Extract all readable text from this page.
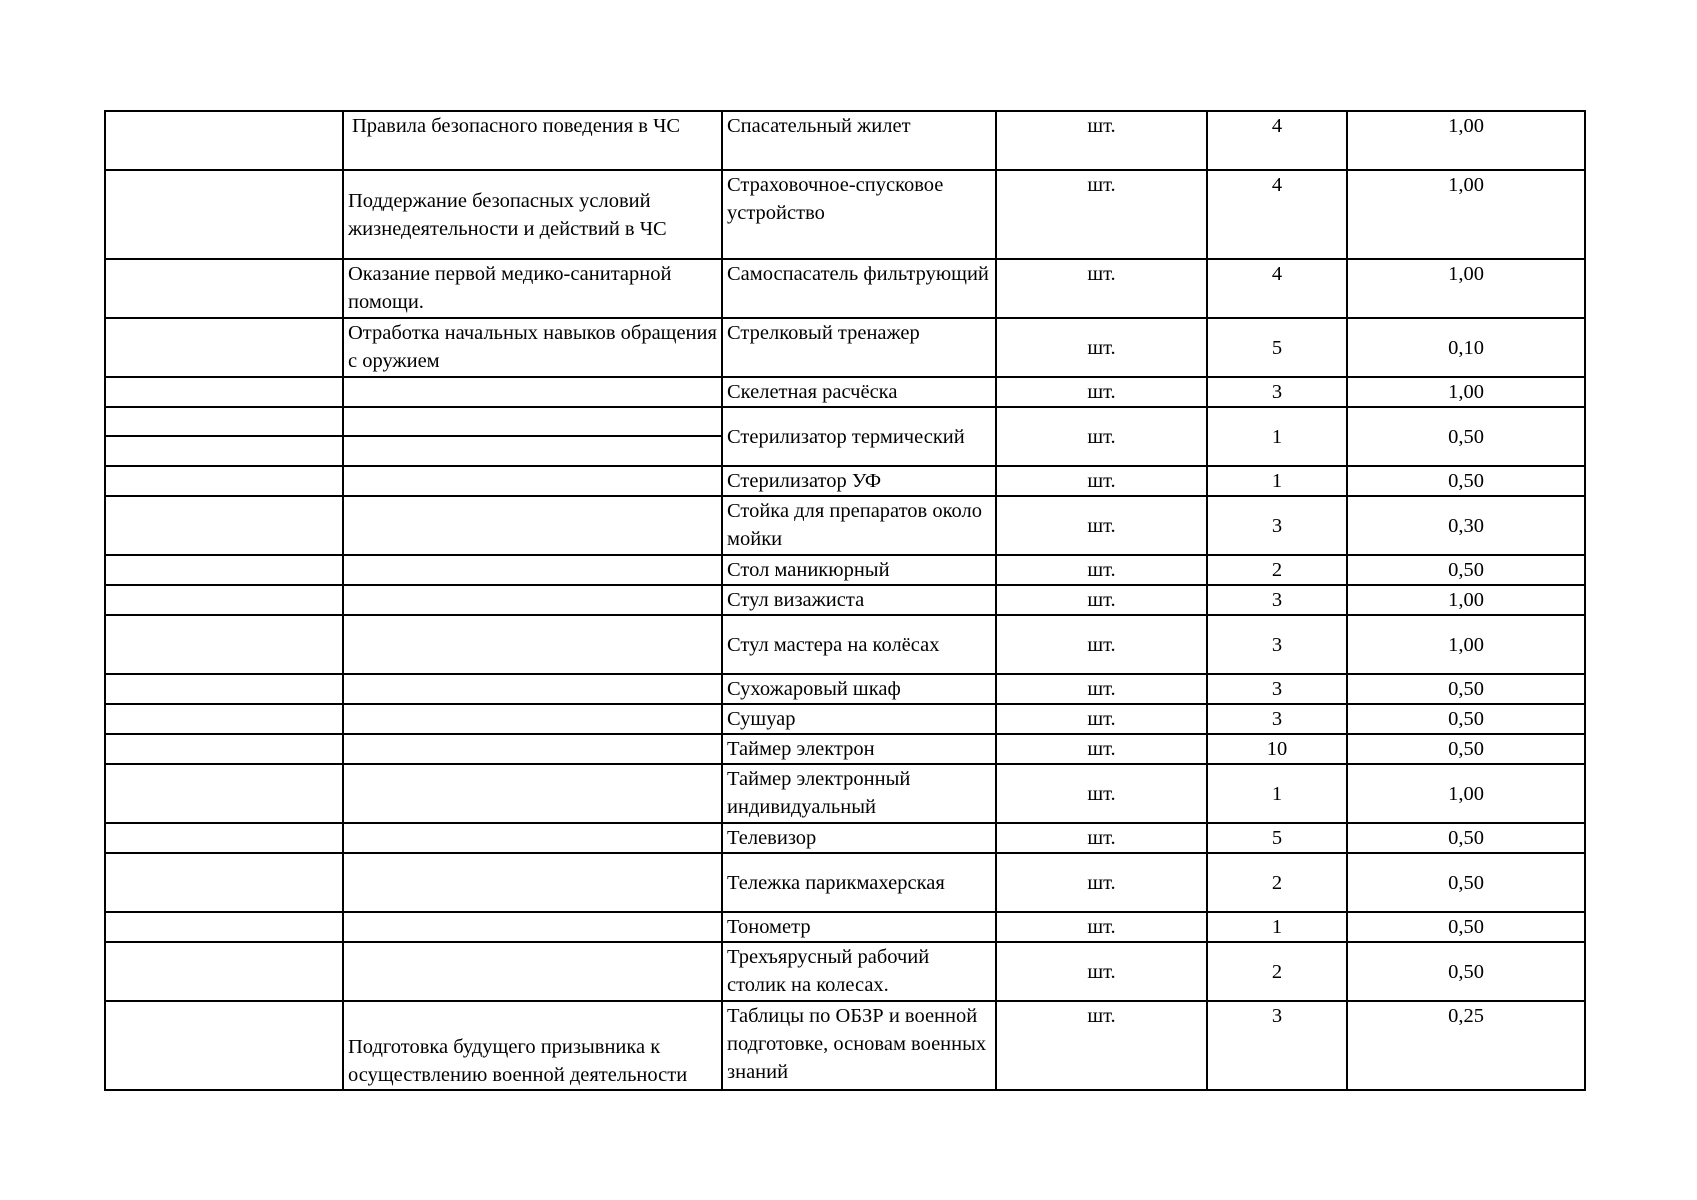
	Правила безопасного поведения в ЧС	Спасательный жилет	шт.	4	1,00
	Поддержание безопасных условий жизнедеятельности и действий в ЧС	Страховочное-спусковое устройство	шт.	4	1,00
	Оказание первой медико-санитарной помощи.	Самоспасатель фильтрующий	шт.	4	1,00
	Отработка начальных навыков обращения с оружием	Стрелковый тренажер	шт.	5	0,10
		Скелетная расчёска	шт.	3	1,00
		Стерилизатор термический	шт.	1	0,50

		Стерилизатор УФ	шт.	1	0,50
		Стойка для препаратов около мойки	шт.	3	0,30
		Стол маникюрный	шт.	2	0,50
		Стул визажиста	шт.	3	1,00
		Стул мастера на колёсах	шт.	3	1,00
		Сухожаровый шкаф	шт.	3	0,50
		Сушуар	шт.	3	0,50
		Таймер электрон	шт.	10	0,50
		Таймер электронный индивидуальный	шт.	1	1,00
		Телевизор	шт.	5	0,50
		Тележка парикмахерская	шт.	2	0,50
		Тонометр	шт.	1	0,50
		Трехъярусный рабочий столик на колесах.	шт.	2	0,50
	Подготовка будущего призывника к осуществлению военной деятельности	Таблицы по ОБЗР и военной подготовке, основам военных знаний	шт.	3	0,25
